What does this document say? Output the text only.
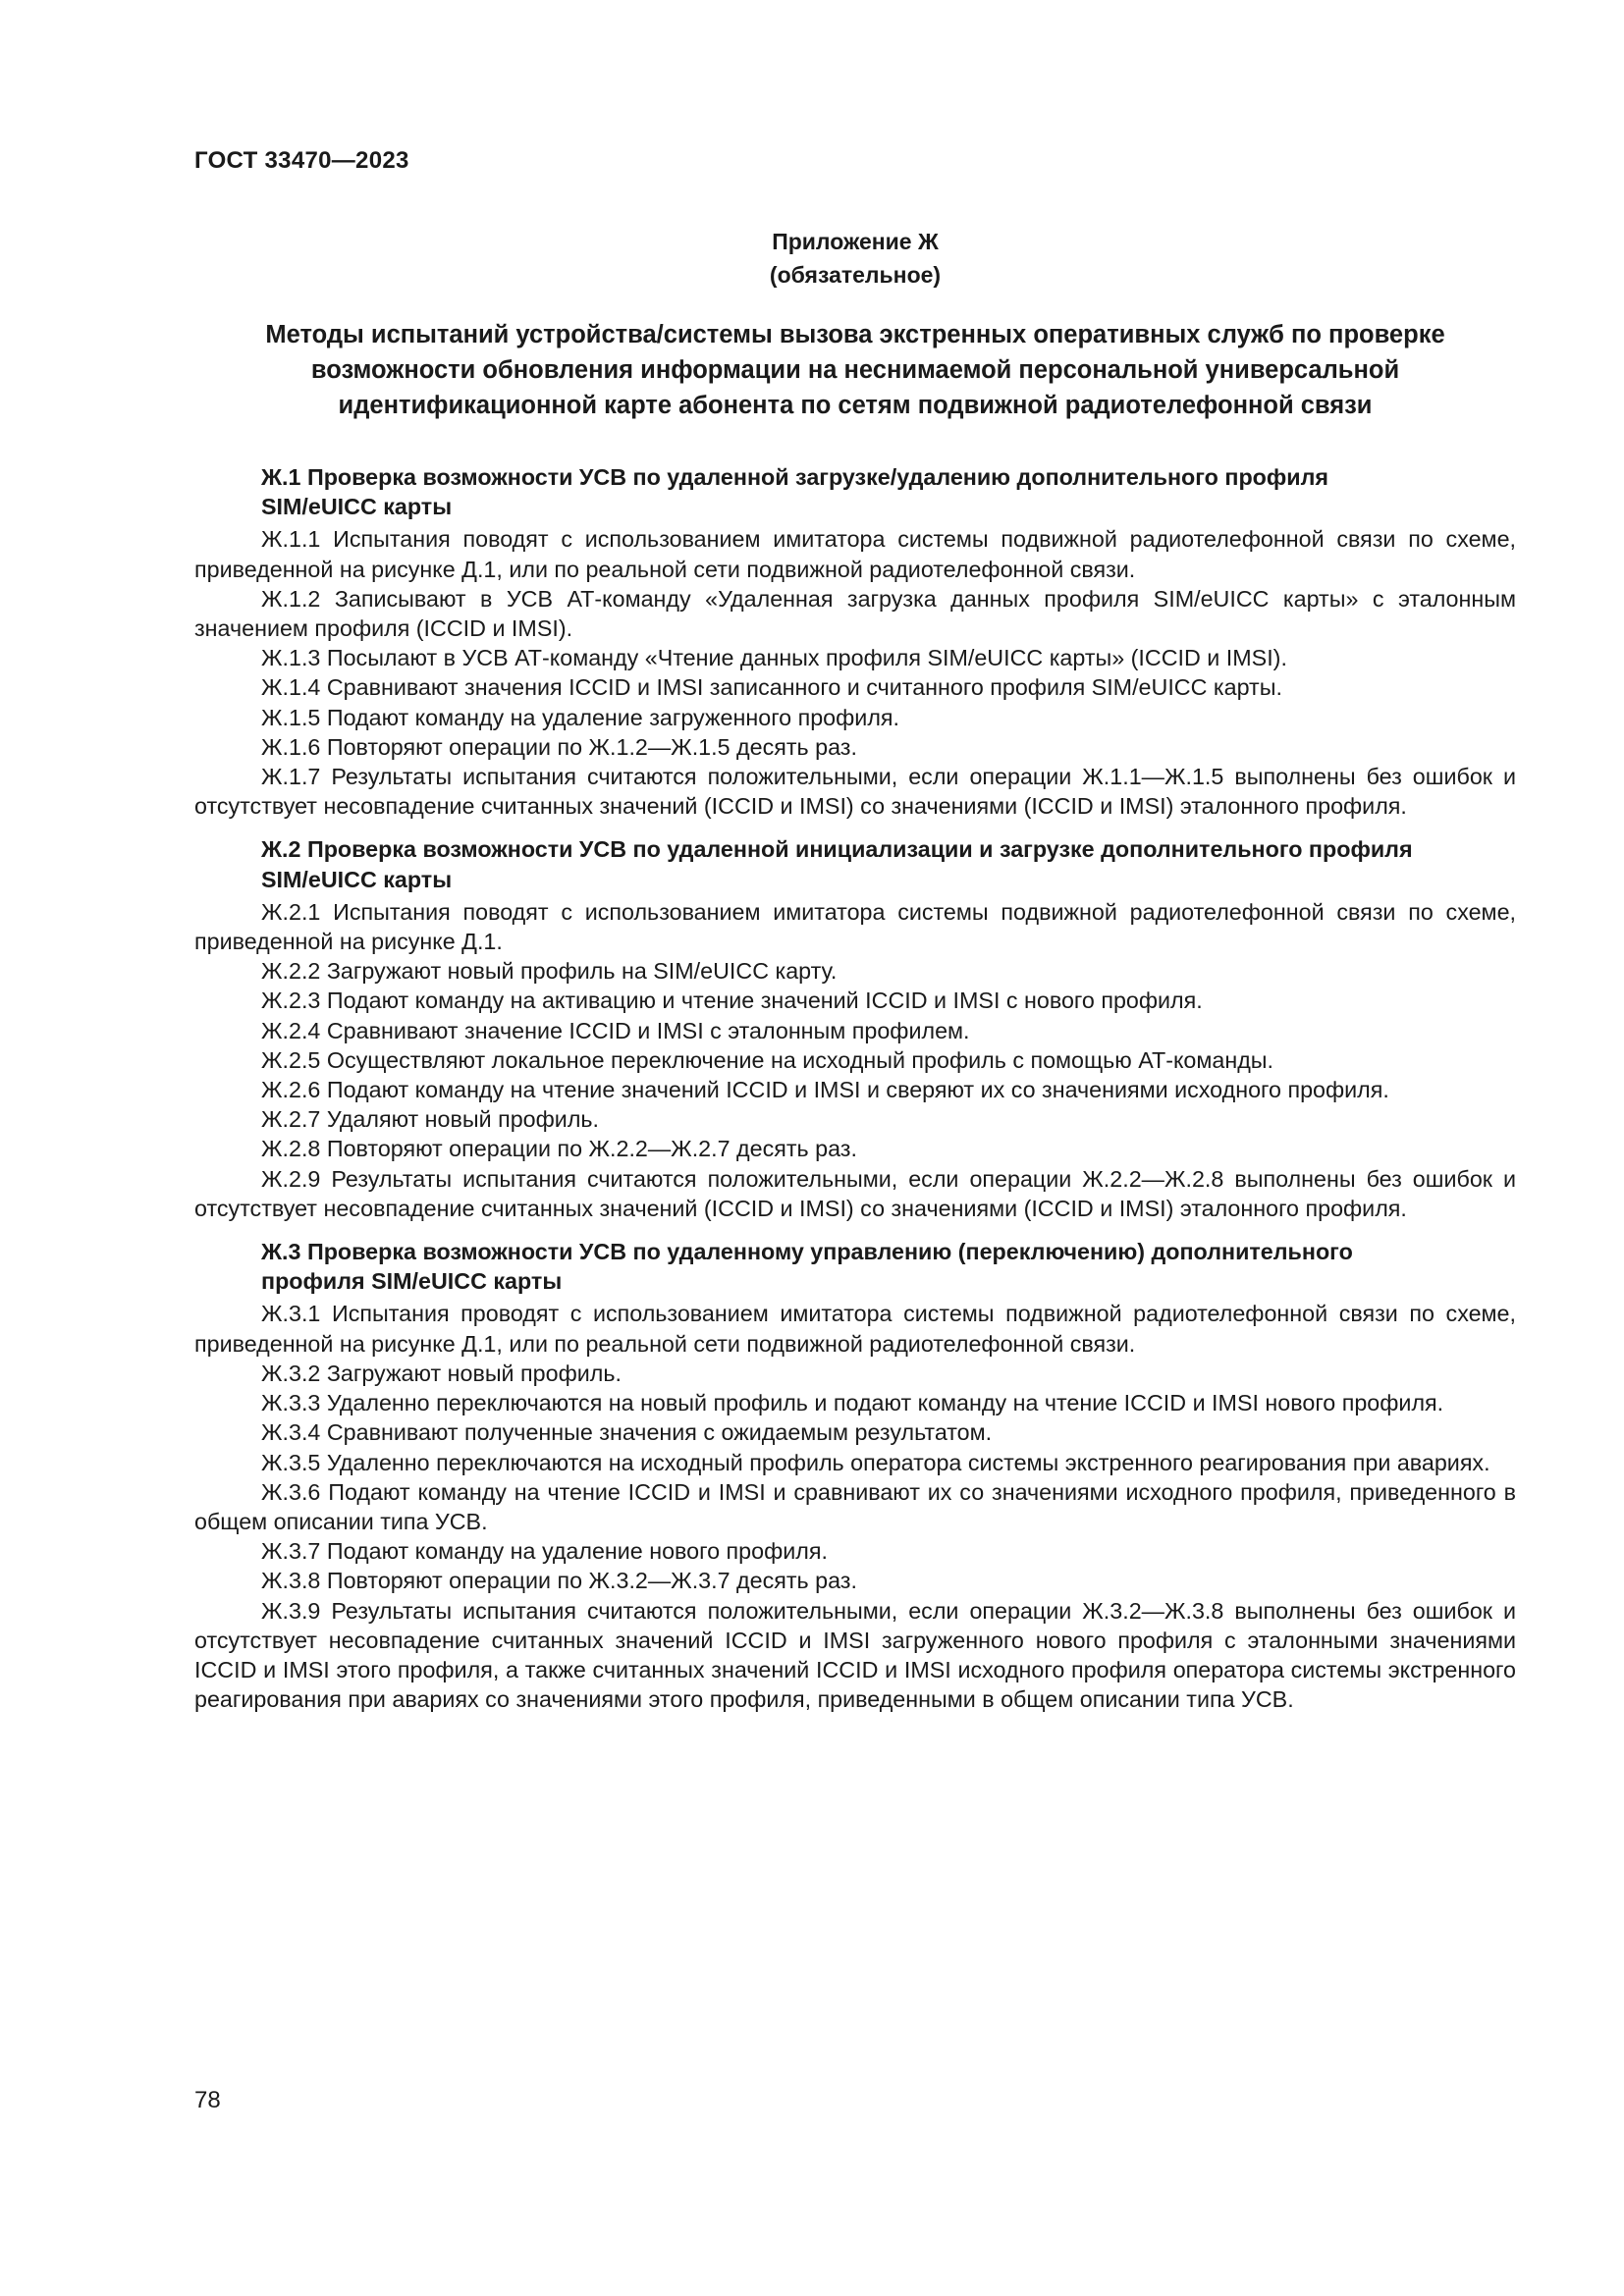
ГОСТ 33470—2023
Приложение Ж
(обязательное)
Методы испытаний устройства/системы вызова экстренных оперативных служб по проверке
возможности обновления информации на неснимаемой персональной универсальной
идентификационной карте абонента по сетям подвижной радиотелефонной связи
Ж.1 Проверка возможности УСВ по удаленной загрузке/удалению дополнительного профиля
SIM/eUICC карты

Ж.1.1 Испытания поводят с использованием имитатора системы подвижной радиотелефонной связи по схеме, приведенной на рисунке Д.1, или по реальной сети подвижной радиотелефонной связи.

Ж.1.2 Записывают в УСВ АТ-команду «Удаленная загрузка данных профиля SIM/eUICC карты» с эталонным значением профиля (ICCID и IMSI).

Ж.1.3 Посылают в УСВ АТ-команду «Чтение данных профиля SIM/eUICC карты» (ICCID и IMSI).

Ж.1.4 Сравнивают значения ICCID и IMSI записанного и считанного профиля SIM/eUICC карты.

Ж.1.5 Подают команду на удаление загруженного профиля.

Ж.1.6 Повторяют операции по Ж.1.2—Ж.1.5 десять раз.

Ж.1.7 Результаты испытания считаются положительными, если операции Ж.1.1—Ж.1.5 выполнены без ошибок и отсутствует несовпадение считанных значений (ICCID и IMSI) со значениями (ICCID и IMSI) эталонного профиля.

Ж.2 Проверка возможности УСВ по удаленной инициализации и загрузке дополнительного профиля
SIM/eUICC карты

Ж.2.1 Испытания поводят с использованием имитатора системы подвижной радиотелефонной связи по схеме, приведенной на рисунке Д.1.

Ж.2.2 Загружают новый профиль на SIM/eUICC карту.

Ж.2.3 Подают команду на активацию и чтение значений ICCID и IMSI с нового профиля.

Ж.2.4 Сравнивают значение ICCID и IMSI с эталонным профилем.

Ж.2.5 Осуществляют локальное переключение на исходный профиль с помощью АТ-команды.

Ж.2.6 Подают команду на чтение значений ICCID и IMSI и сверяют их со значениями исходного профиля.

Ж.2.7 Удаляют новый профиль.

Ж.2.8 Повторяют операции по Ж.2.2—Ж.2.7 десять раз.

Ж.2.9 Результаты испытания считаются положительными, если операции Ж.2.2—Ж.2.8 выполнены без ошибок и отсутствует несовпадение считанных значений (ICCID и IMSI) со значениями (ICCID и IMSI) эталонного профиля.

Ж.3 Проверка возможности УСВ по удаленному управлению (переключению) дополнительного
профиля SIM/eUICC карты

Ж.3.1 Испытания проводят с использованием имитатора системы подвижной радиотелефонной связи по схеме, приведенной на рисунке Д.1, или по реальной сети подвижной радиотелефонной связи.

Ж.3.2 Загружают новый профиль.

Ж.3.3 Удаленно переключаются на новый профиль и подают команду на чтение ICCID и IMSI нового профиля.

Ж.3.4 Сравнивают полученные значения с ожидаемым результатом.

Ж.3.5 Удаленно переключаются на исходный профиль оператора системы экстренного реагирования при авариях.

Ж.3.6 Подают команду на чтение ICCID и IMSI и сравнивают их со значениями исходного профиля, приведенного в общем описании типа УСВ.

Ж.3.7 Подают команду на удаление нового профиля.

Ж.3.8 Повторяют операции по Ж.3.2—Ж.3.7 десять раз.

Ж.3.9 Результаты испытания считаются положительными, если операции Ж.3.2—Ж.3.8 выполнены без ошибок и отсутствует несовпадение считанных значений ICCID и IMSI загруженного нового профиля с эталонными значениями ICCID и IMSI этого профиля, а также считанных значений ICCID и IMSI исходного профиля оператора системы экстренного реагирования при авариях со значениями этого профиля, приведенными в общем описании типа УСВ.

78
